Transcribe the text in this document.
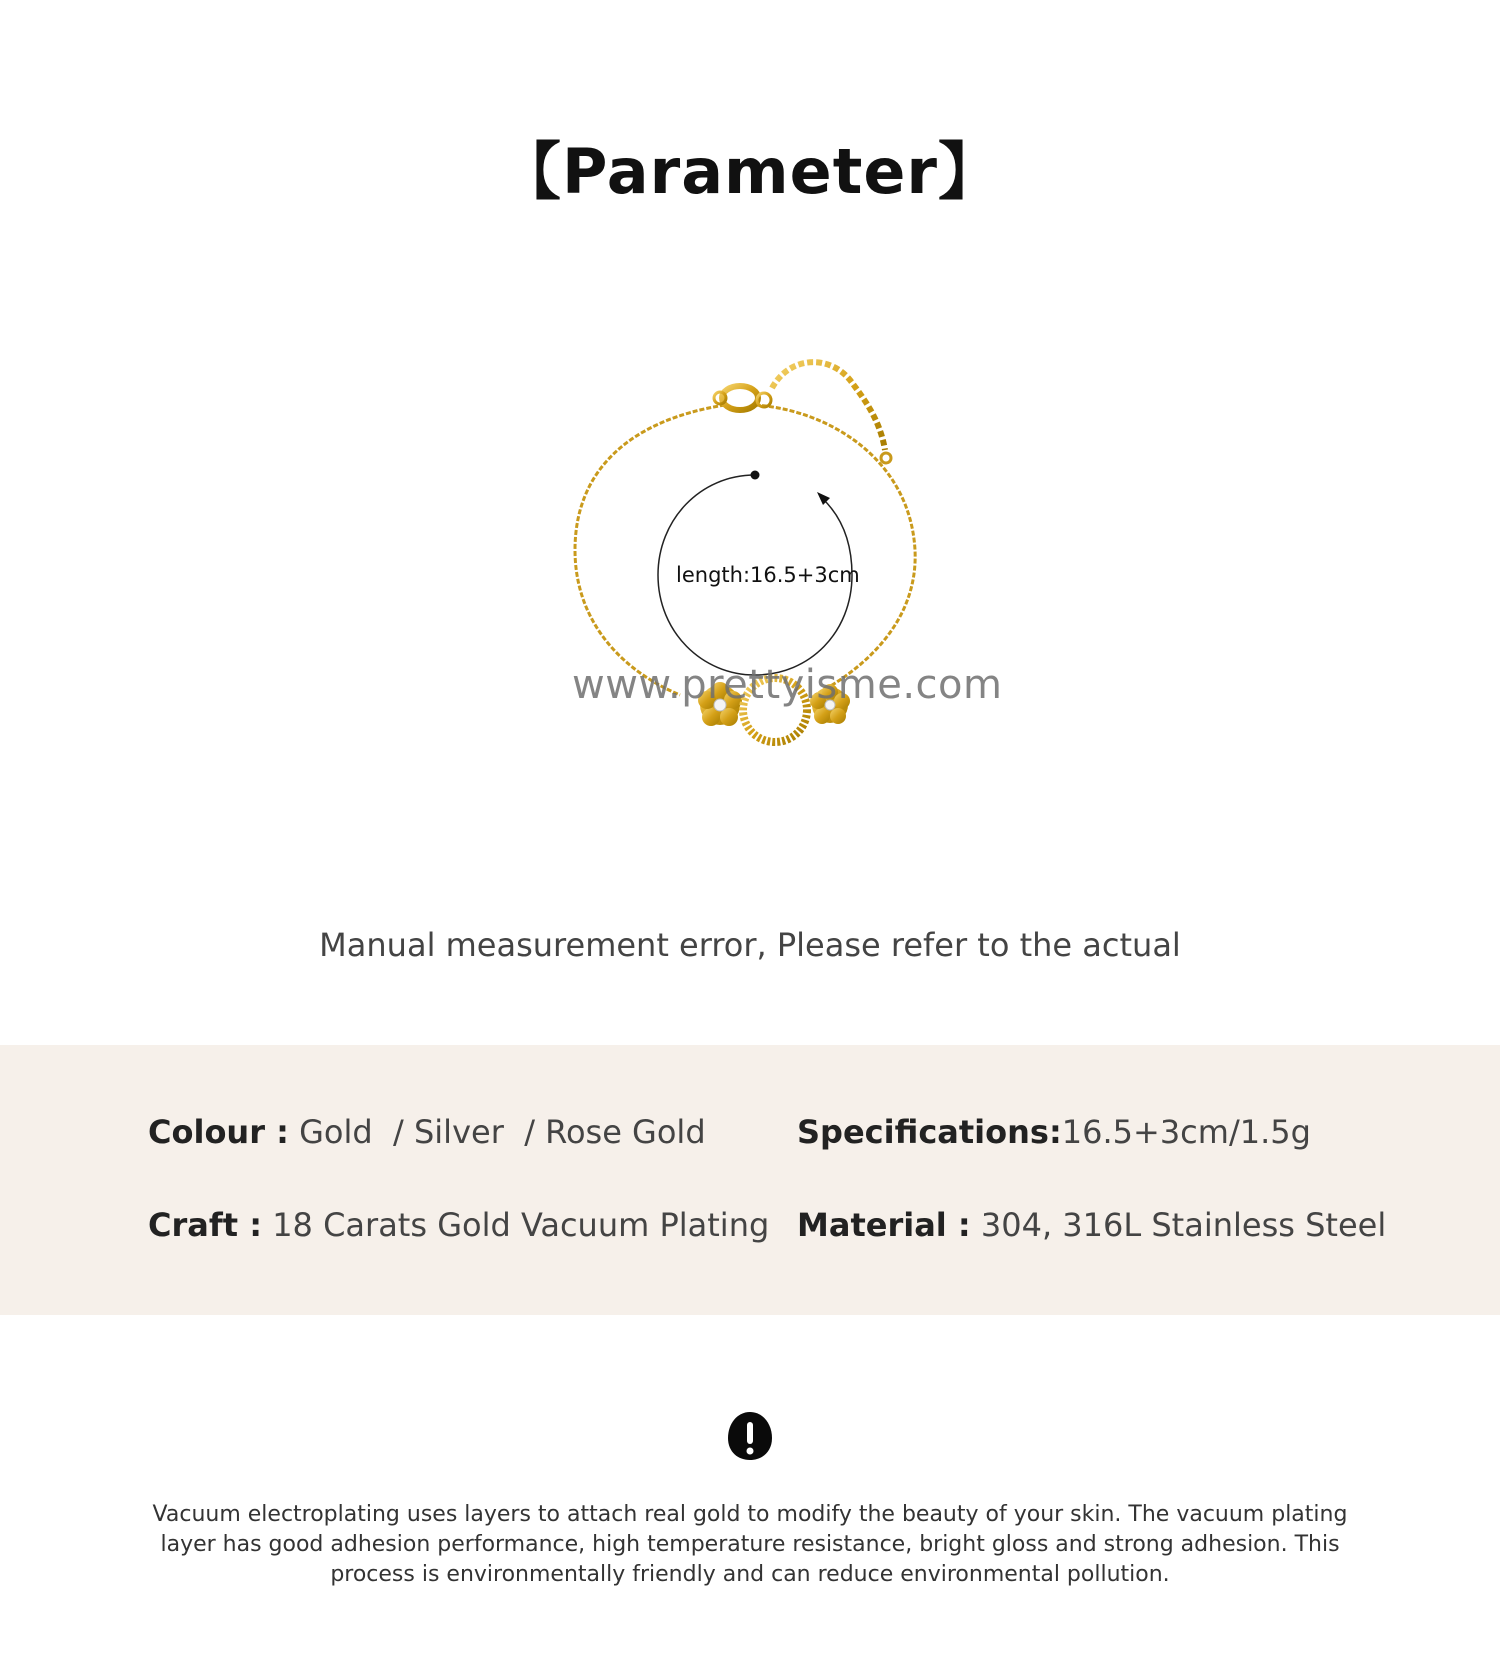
【Parameter】
length:16.5+3cm
www.prettyisme.com
Manual measurement error, Please refer to the actual
Colour : Gold  / Silver  / Rose Gold	Specifications:16.5+3cm/1.5g
Craft : 18 Carats Gold Vacuum Plating Material : 304, 316L Stainless Steel

Vacuum electroplating uses layers to attach real gold to modify the beauty of your skin. The vacuum plating layer has good adhesion performance, high temperature resistance, bright gloss and strong adhesion. This process is environmentally friendly and can reduce environmental pollution.
